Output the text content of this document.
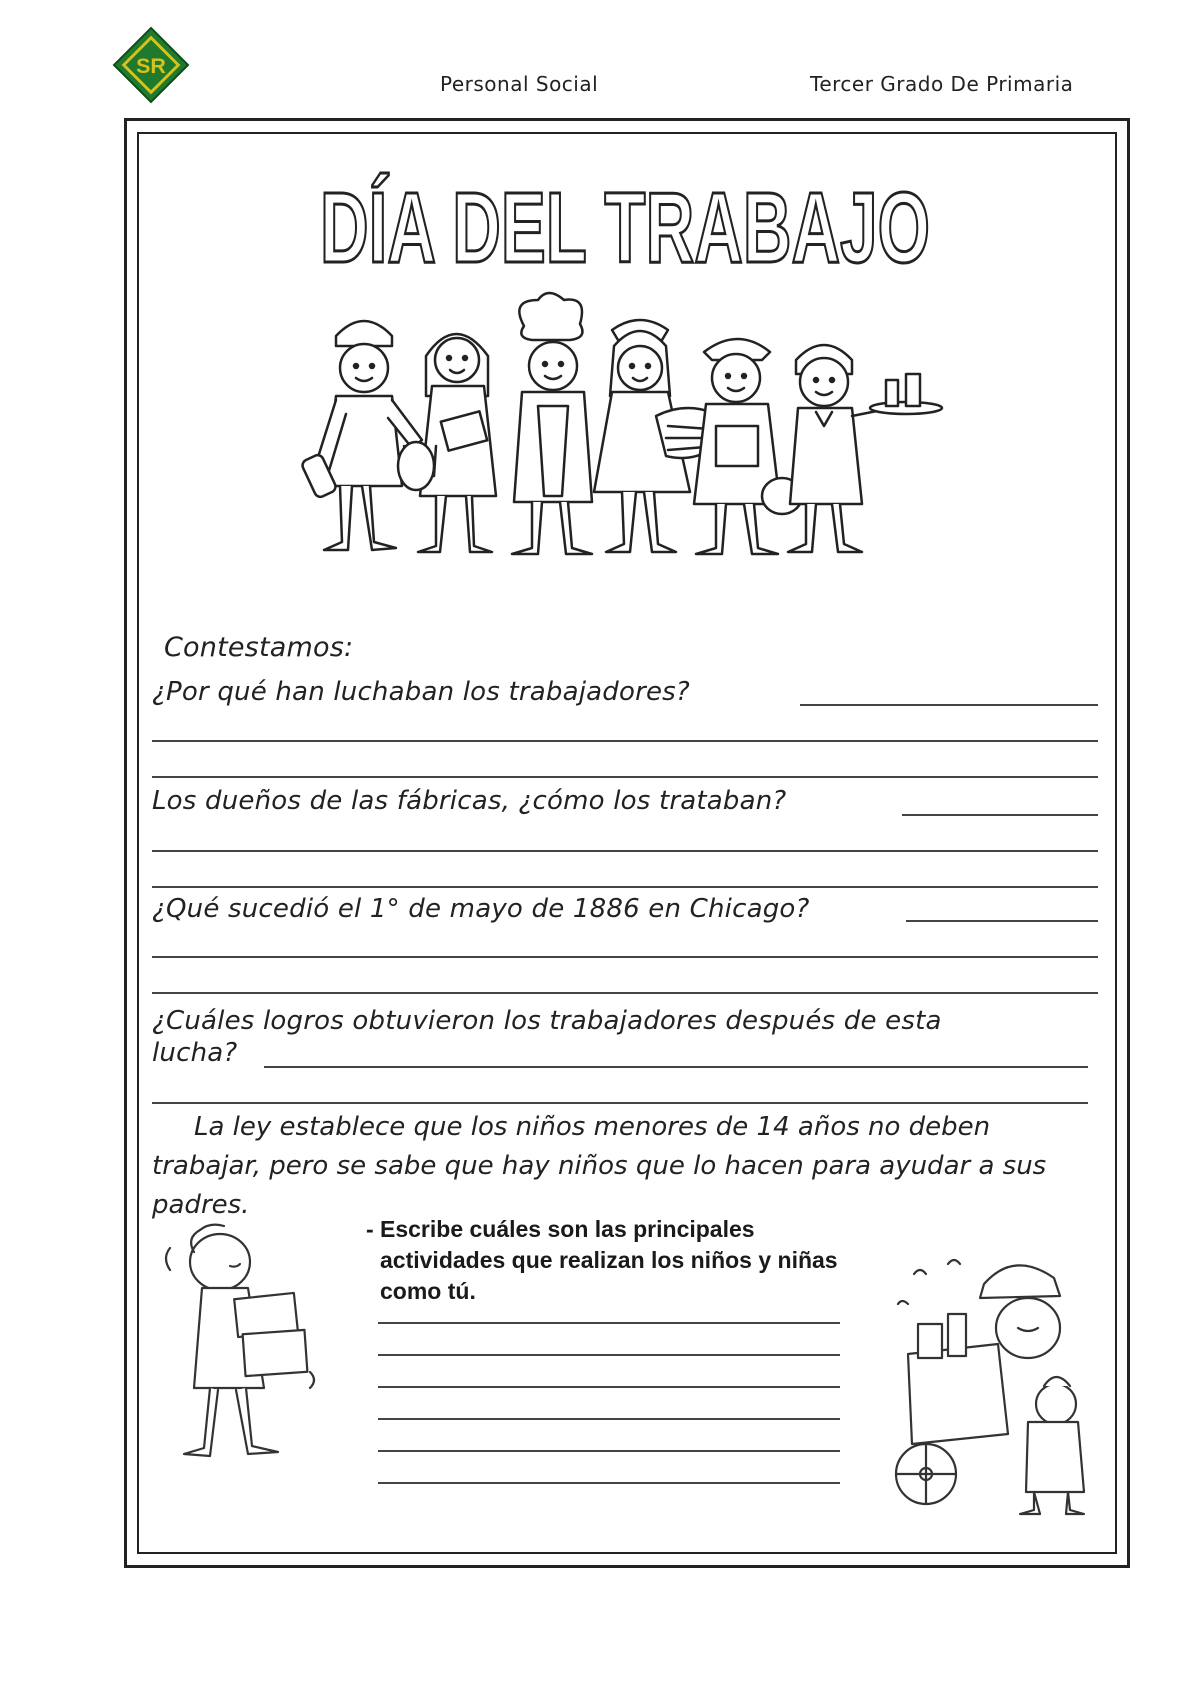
SR
Personal Social	Tercer Grado De Primaria
DÍA DEL TRABAJO
Contestamos:
¿Por qué han luchaban los trabajadores?
Los dueños de las fábricas, ¿cómo los trataban?
¿Qué sucedió el 1° de mayo de 1886 en Chicago?
¿Cuáles logros obtuvieron los trabajadores después de esta
lucha?
La ley establece que los niños menores de 14 años no deben trabajar, pero se sabe que hay niños que lo hacen para ayudar a sus padres.
- Escribe cuáles son las principales actividades que realizan los niños y niñas como tú.
